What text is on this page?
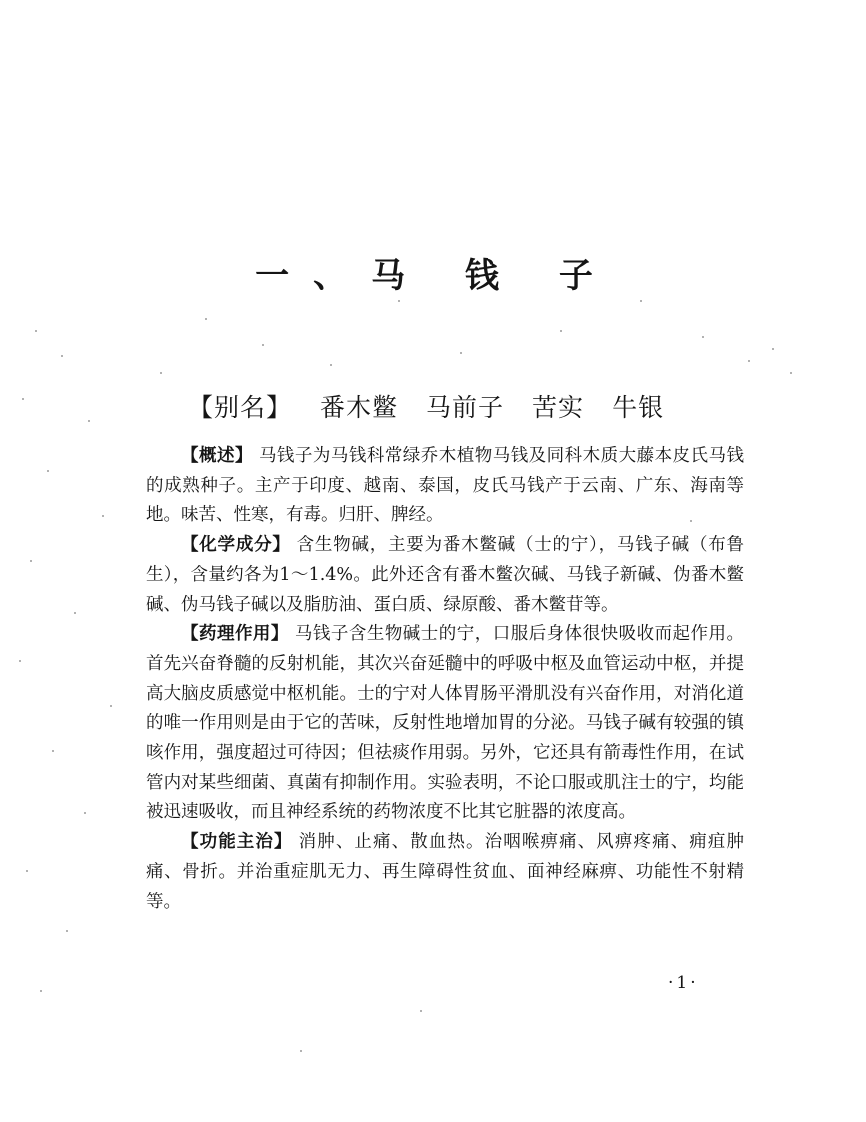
一、马 钱 子
【别名】 番木鳖 马前子 苦实 牛银

【概述】 马钱子为马钱科常绿乔木植物马钱及同科木质大藤本皮氏马钱的成熟种子。主产于印度、越南、泰国，皮氏马钱产于云南、广东、海南等地。味苦、性寒，有毒。归肝、脾经。

【化学成分】 含生物碱，主要为番木鳖碱（士的宁），马钱子碱（布鲁生），含量约各为1～1.4%。此外还含有番木鳖次碱、马钱子新碱、伪番木鳖碱、伪马钱子碱以及脂肪油、蛋白质、绿原酸、番木鳖苷等。

【药理作用】 马钱子含生物碱士的宁，口服后身体很快吸收而起作用。首先兴奋脊髓的反射机能，其次兴奋延髓中的呼吸中枢及血管运动中枢，并提高大脑皮质感觉中枢机能。士的宁对人体胃肠平滑肌没有兴奋作用，对消化道的唯一作用则是由于它的苦味，反射性地增加胃的分泌。马钱子碱有较强的镇咳作用，强度超过可待因；但祛痰作用弱。另外，它还具有箭毒性作用，在试管内对某些细菌、真菌有抑制作用。实验表明，不论口服或肌注士的宁，均能被迅速吸收，而且神经系统的药物浓度不比其它脏器的浓度高。

【功能主治】 消肿、止痛、散血热。治咽喉痹痛、风痹疼痛、痈疽肿痛、骨折。并治重症肌无力、再生障碍性贫血、面神经麻痹、功能性不射精等。

·1·
